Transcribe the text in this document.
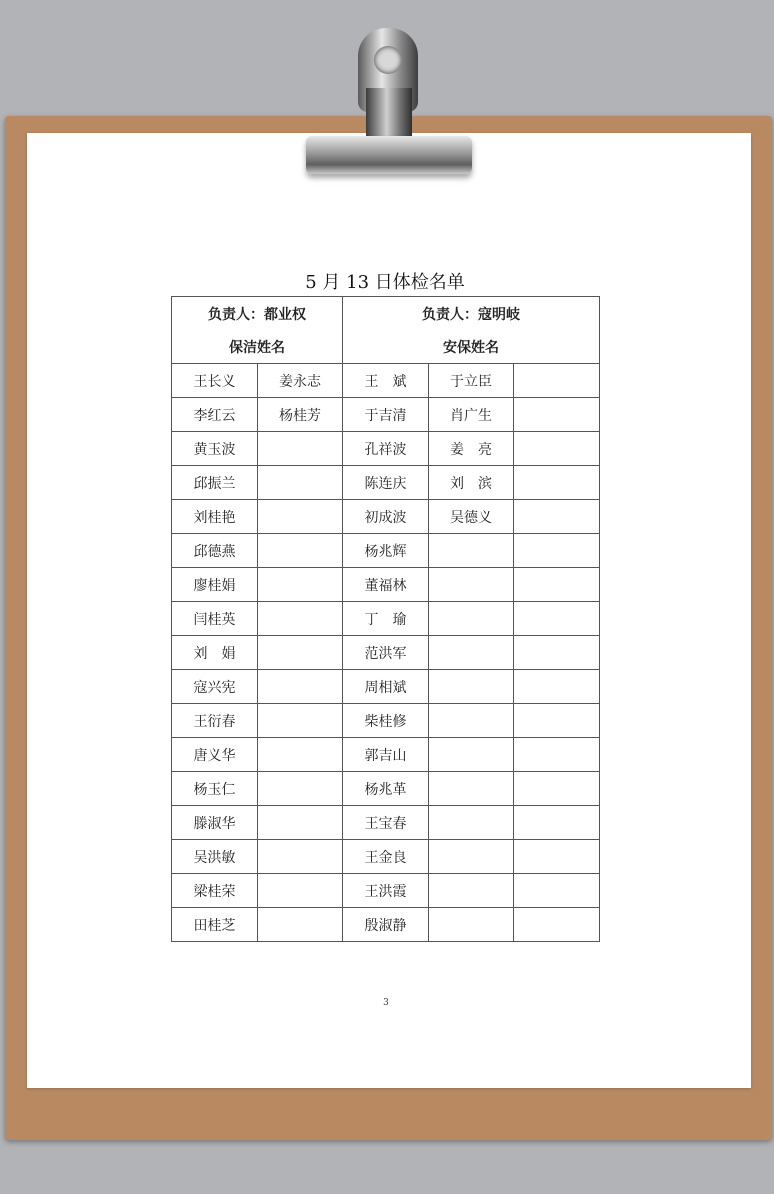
5 月 13 日体检名单
负责人：都业权		负责人：寇明岐		
保洁姓名		安保姓名		
王长义	姜永志	王　斌	于立臣	
李红云	杨桂芳	于吉清	肖广生	
黄玉波		孔祥波	姜　亮	
邱振兰		陈连庆	刘　滨	
刘桂艳		初成波	吴德义	
邱德燕		杨兆辉		
廖桂娟		董福林		
闫桂英		丁　瑜		
刘　娟		范洪军		
寇兴宪		周相斌		
王衍春		柴桂修		
唐义华		郭吉山		
杨玉仁		杨兆革		
滕淑华		王宝春		
吴洪敏		王金良		
梁桂荣		王洪霞		
田桂芝		殷淑静		
3
